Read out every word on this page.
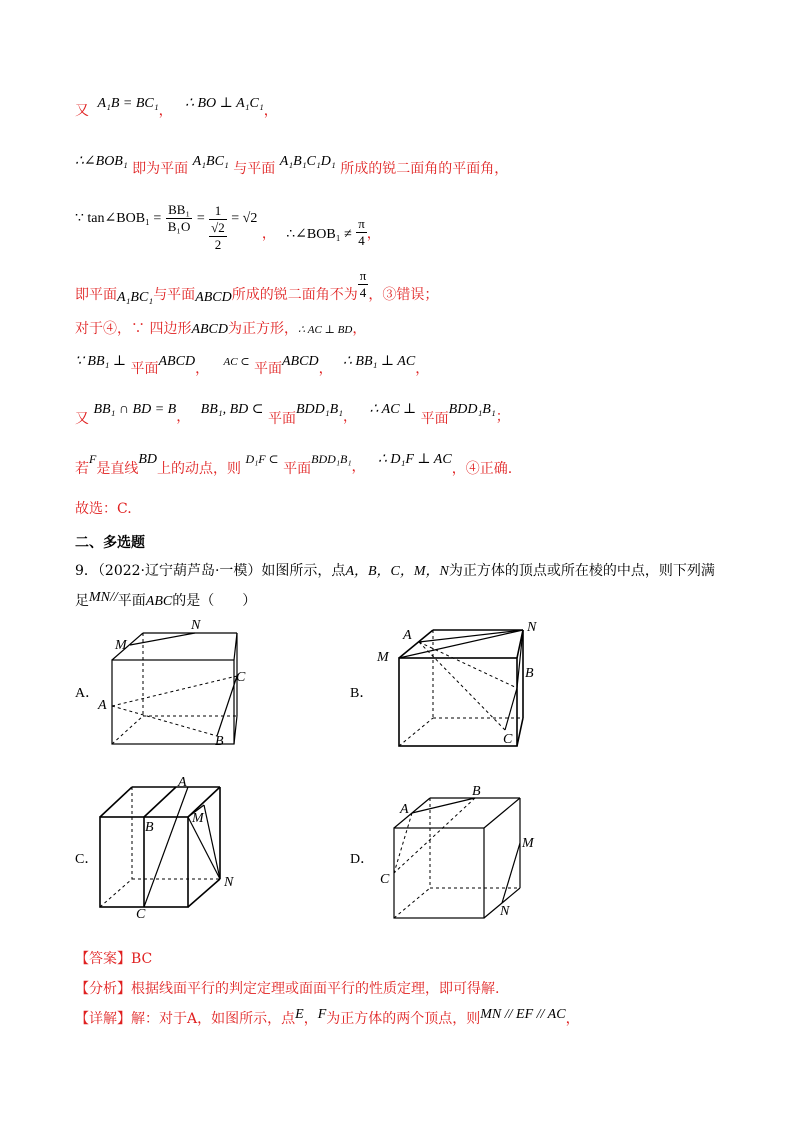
又 A₁B = BC₁， ∴ BO ⊥ A₁C₁，
∴∠BOB₁ 即为平面 A₁BC₁ 与平面 A₁B₁C₁D₁ 所成的锐二面角的平面角，
∵ tan∠BOB₁ = $\frac{\text{BB₁}}{\text{B₁O}}$ =
1
√2
2
= √2 ， ∴∠BOB₁ ≠ $\frac{\pi}{4}$ ，
即平面A₁BC₁与平面ABCD所成的锐二面角不为 $\frac{\pi}{4}$ ，③错误；
对于④，∵ 四边形ABCD为正方形，∴ AC ⊥ BD，
∵ BB₁ ⊥ 平面ABCD， AC ⊂ 平面ABCD， ∴ BB₁ ⊥ AC，
又 BB₁ ∩ BD = B， BB₁, BD ⊂ 平面BDD₁B₁， ∴ AC ⊥ 平面BDD₁B₁；
若F是直线BD上的动点，则 D₁F ⊂ 平面BDD₁B₁， ∴ D₁F ⊥ AC，④正确.
故选：C.
二、多选题
9．（2022·辽宁葫芦岛·一模）如图所示，点A，B，C，M，N为正方体的顶点或所在棱的中点，则下列满
足MN//平面ABC的是（　　）
A．	B．
C．	D．
M
N
A
C
B
A
M
N
B
C
A
B
M
N
C
A
B
M
C
N
【答案】BC
【分析】根据线面平行的判定定理或面面平行的性质定理，即可得解.
【详解】解：对于A，如图所示，点E，F为正方体的两个顶点，则MN // EF // AC，
